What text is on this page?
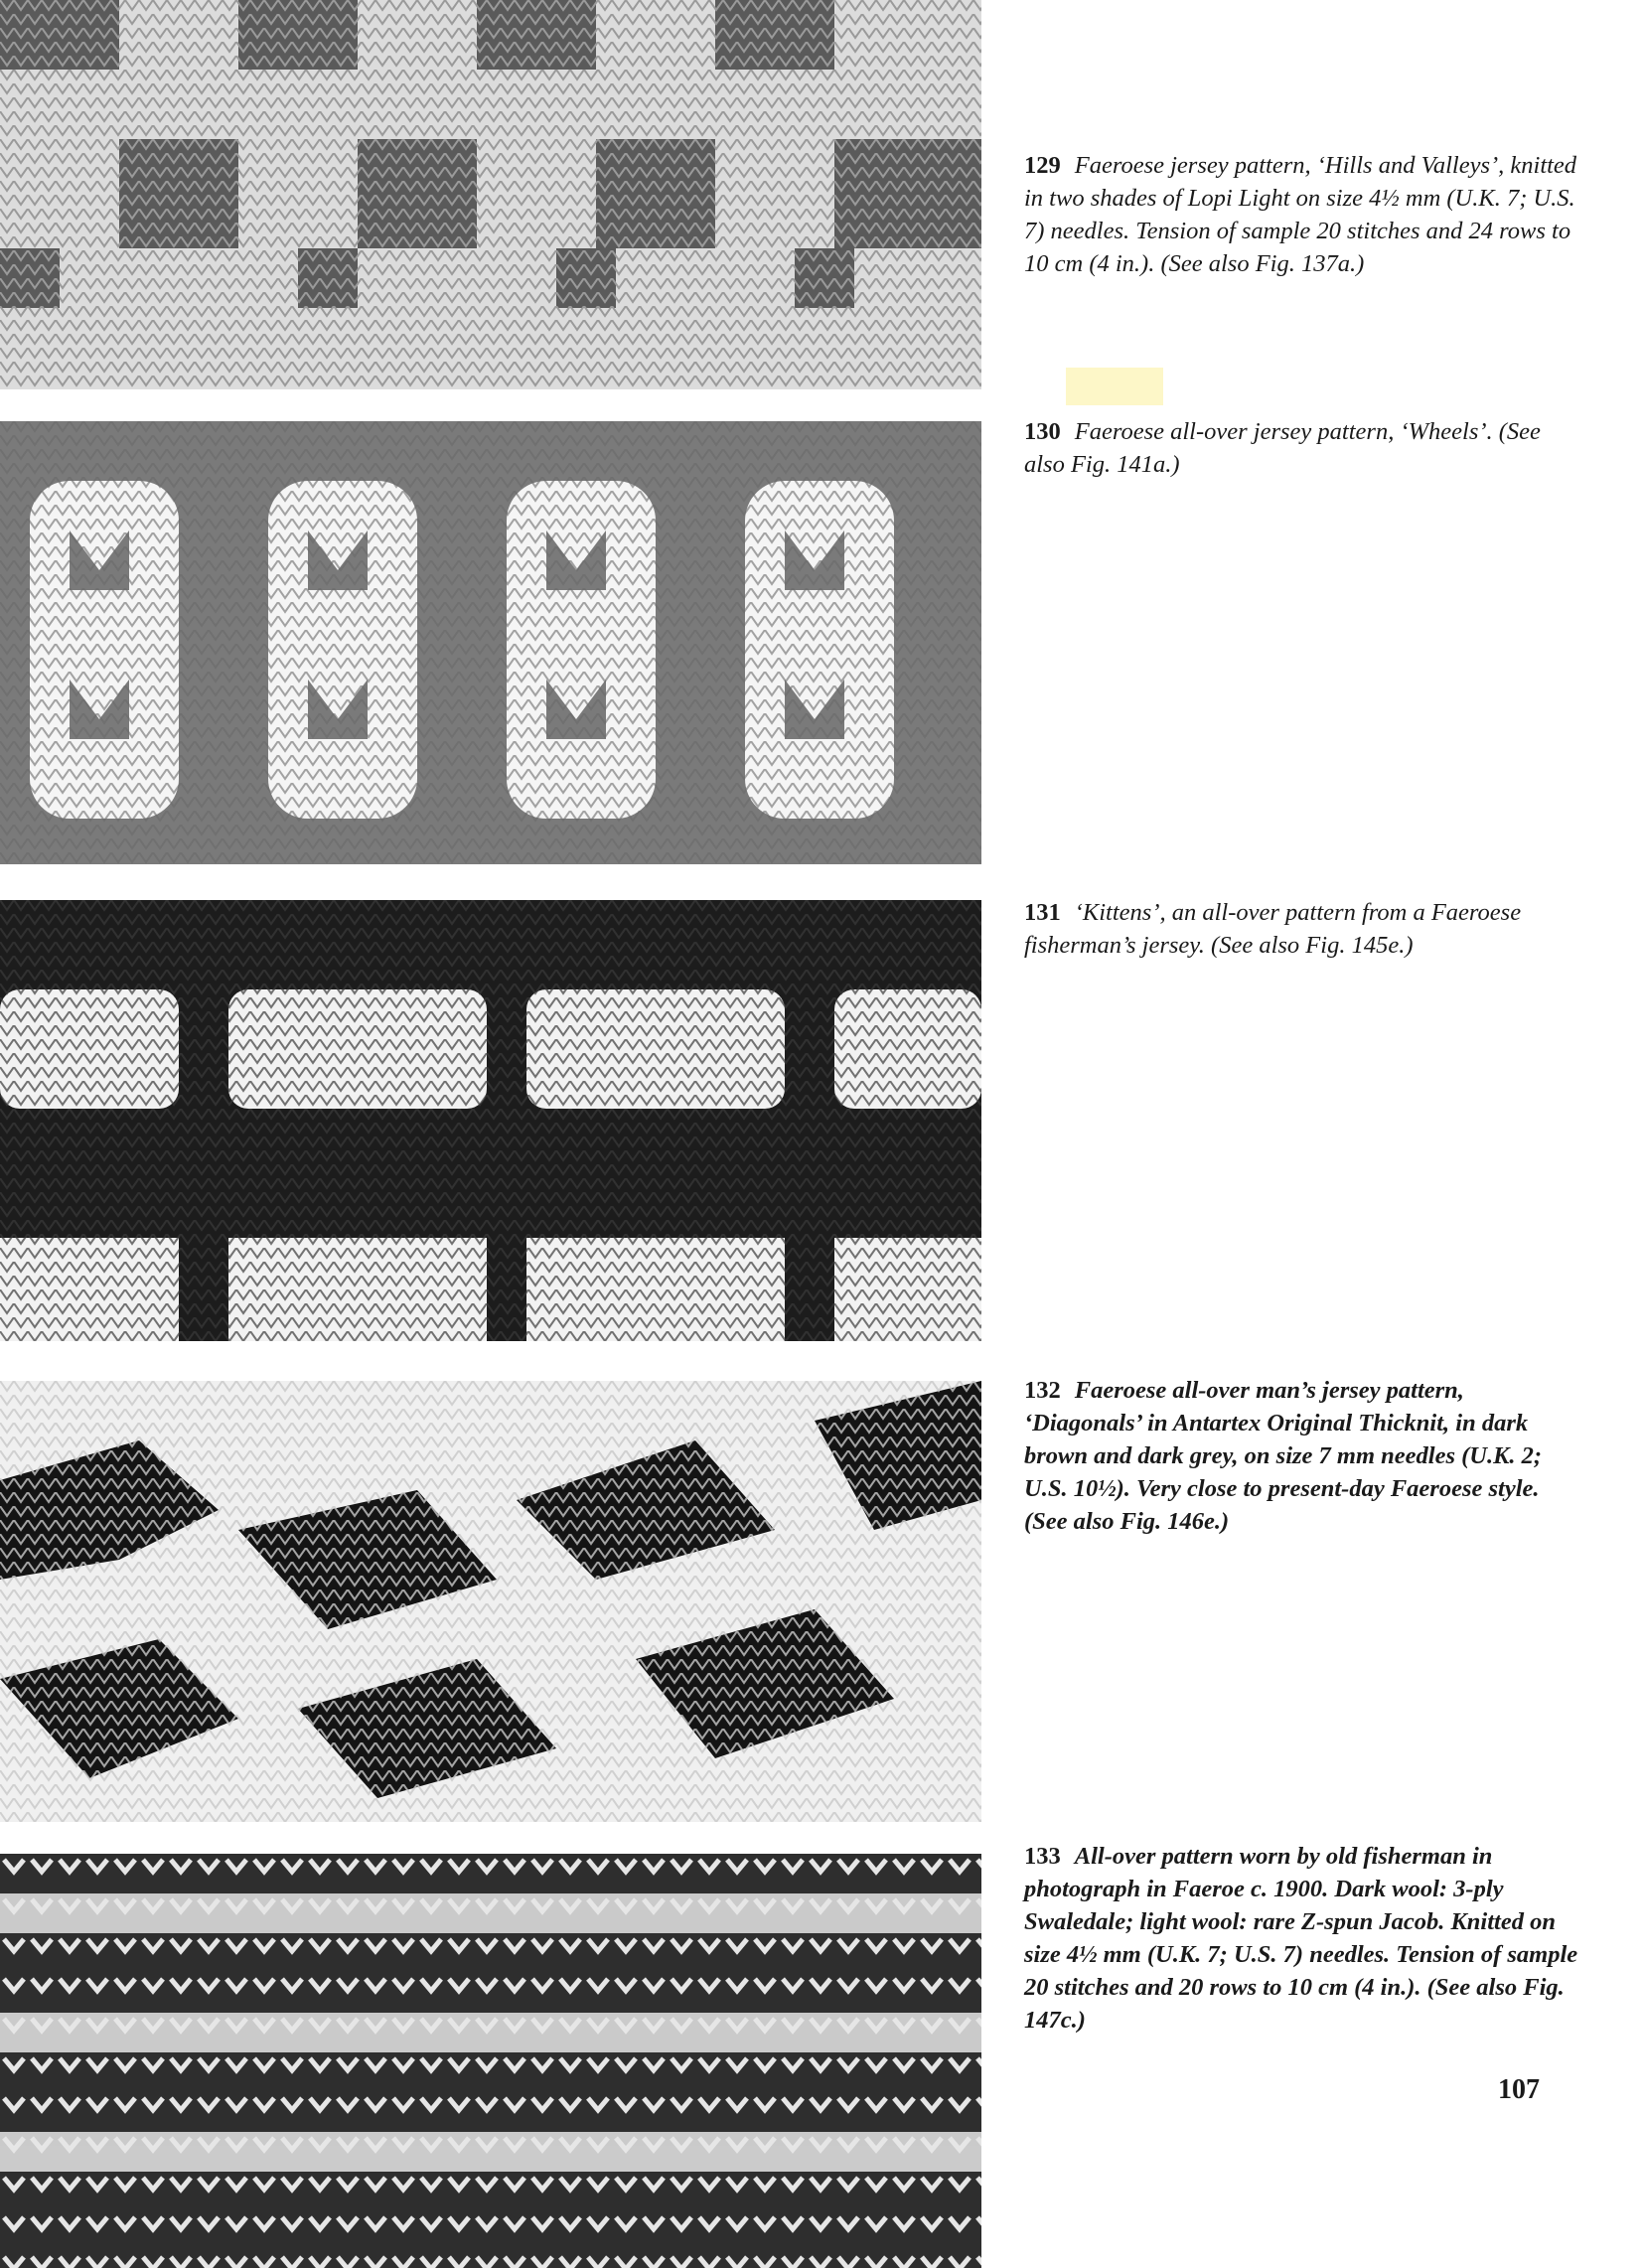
129 Faeroese jersey pattern, ‘Hills and Valleys’, knitted in two shades of Lopi Light on size 4½ mm (U.K. 7; U.S. 7) needles. Tension of sample 20 stitches and 24 rows to 10 cm (4 in.). (See also Fig. 137a.)
130 Faeroese all-over jersey pattern, ‘Wheels’. (See also Fig. 141a.)
131 ‘Kittens’, an all-over pattern from a Faeroese fisherman’s jersey. (See also Fig. 145e.)
132 Faeroese all-over man’s jersey pattern, ‘Diagonals’ in Antartex Original Thicknit, in dark brown and dark grey, on size 7 mm needles (U.K. 2; U.S. 10½). Very close to present-day Faeroese style. (See also Fig. 146e.)
133 All-over pattern worn by old fisherman in photograph in Faeroe c. 1900. Dark wool: 3-ply Swaledale; light wool: rare Z-spun Jacob. Knitted on size 4½ mm (U.K. 7; U.S. 7) needles. Tension of sample 20 stitches and 20 rows to 10 cm (4 in.). (See also Fig. 147c.)
107
